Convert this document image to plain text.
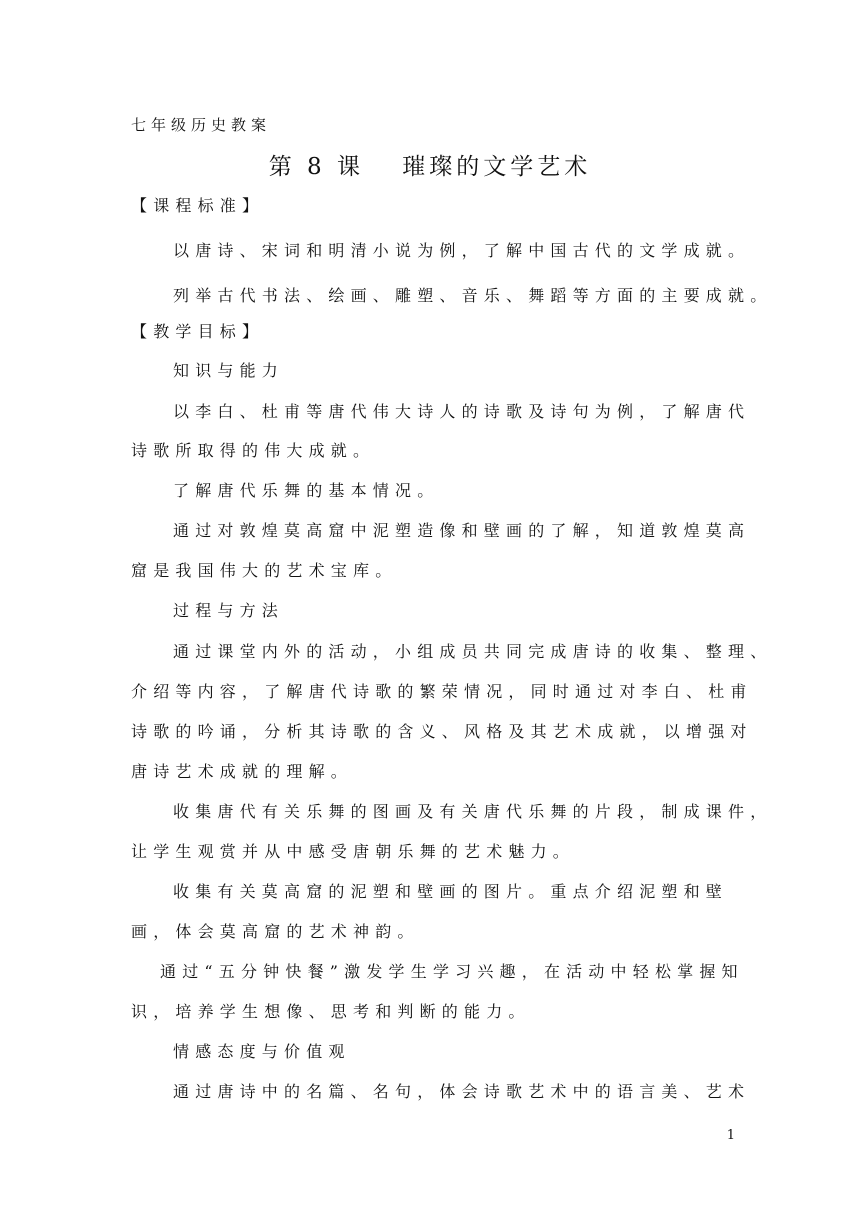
七年级历史教案
第 8 课　 璀璨的文学艺术
【课程标准】
以唐诗、宋词和明清小说为例，了解中国古代的文学成就。
列举古代书法、绘画、雕塑、音乐、舞蹈等方面的主要成就。
【教学目标】
知识与能力
以李白、杜甫等唐代伟大诗人的诗歌及诗句为例，了解唐代
诗歌所取得的伟大成就。
了解唐代乐舞的基本情况。
通过对敦煌莫高窟中泥塑造像和壁画的了解，知道敦煌莫高
窟是我国伟大的艺术宝库。
过程与方法
通过课堂内外的活动，小组成员共同完成唐诗的收集、整理、
介绍等内容，了解唐代诗歌的繁荣情况，同时通过对李白、杜甫
诗歌的吟诵，分析其诗歌的含义、风格及其艺术成就，以增强对
唐诗艺术成就的理解。
收集唐代有关乐舞的图画及有关唐代乐舞的片段，制成课件，
让学生观赏并从中感受唐朝乐舞的艺术魅力。
收集有关莫高窟的泥塑和壁画的图片。重点介绍泥塑和壁
画，体会莫高窟的艺术神韵。
通过“五分钟快餐”激发学生学习兴趣，在活动中轻松掌握知
识，培养学生想像、思考和判断的能力。
情感态度与价值观
通过唐诗中的名篇、名句，体会诗歌艺术中的语言美、艺术
1
